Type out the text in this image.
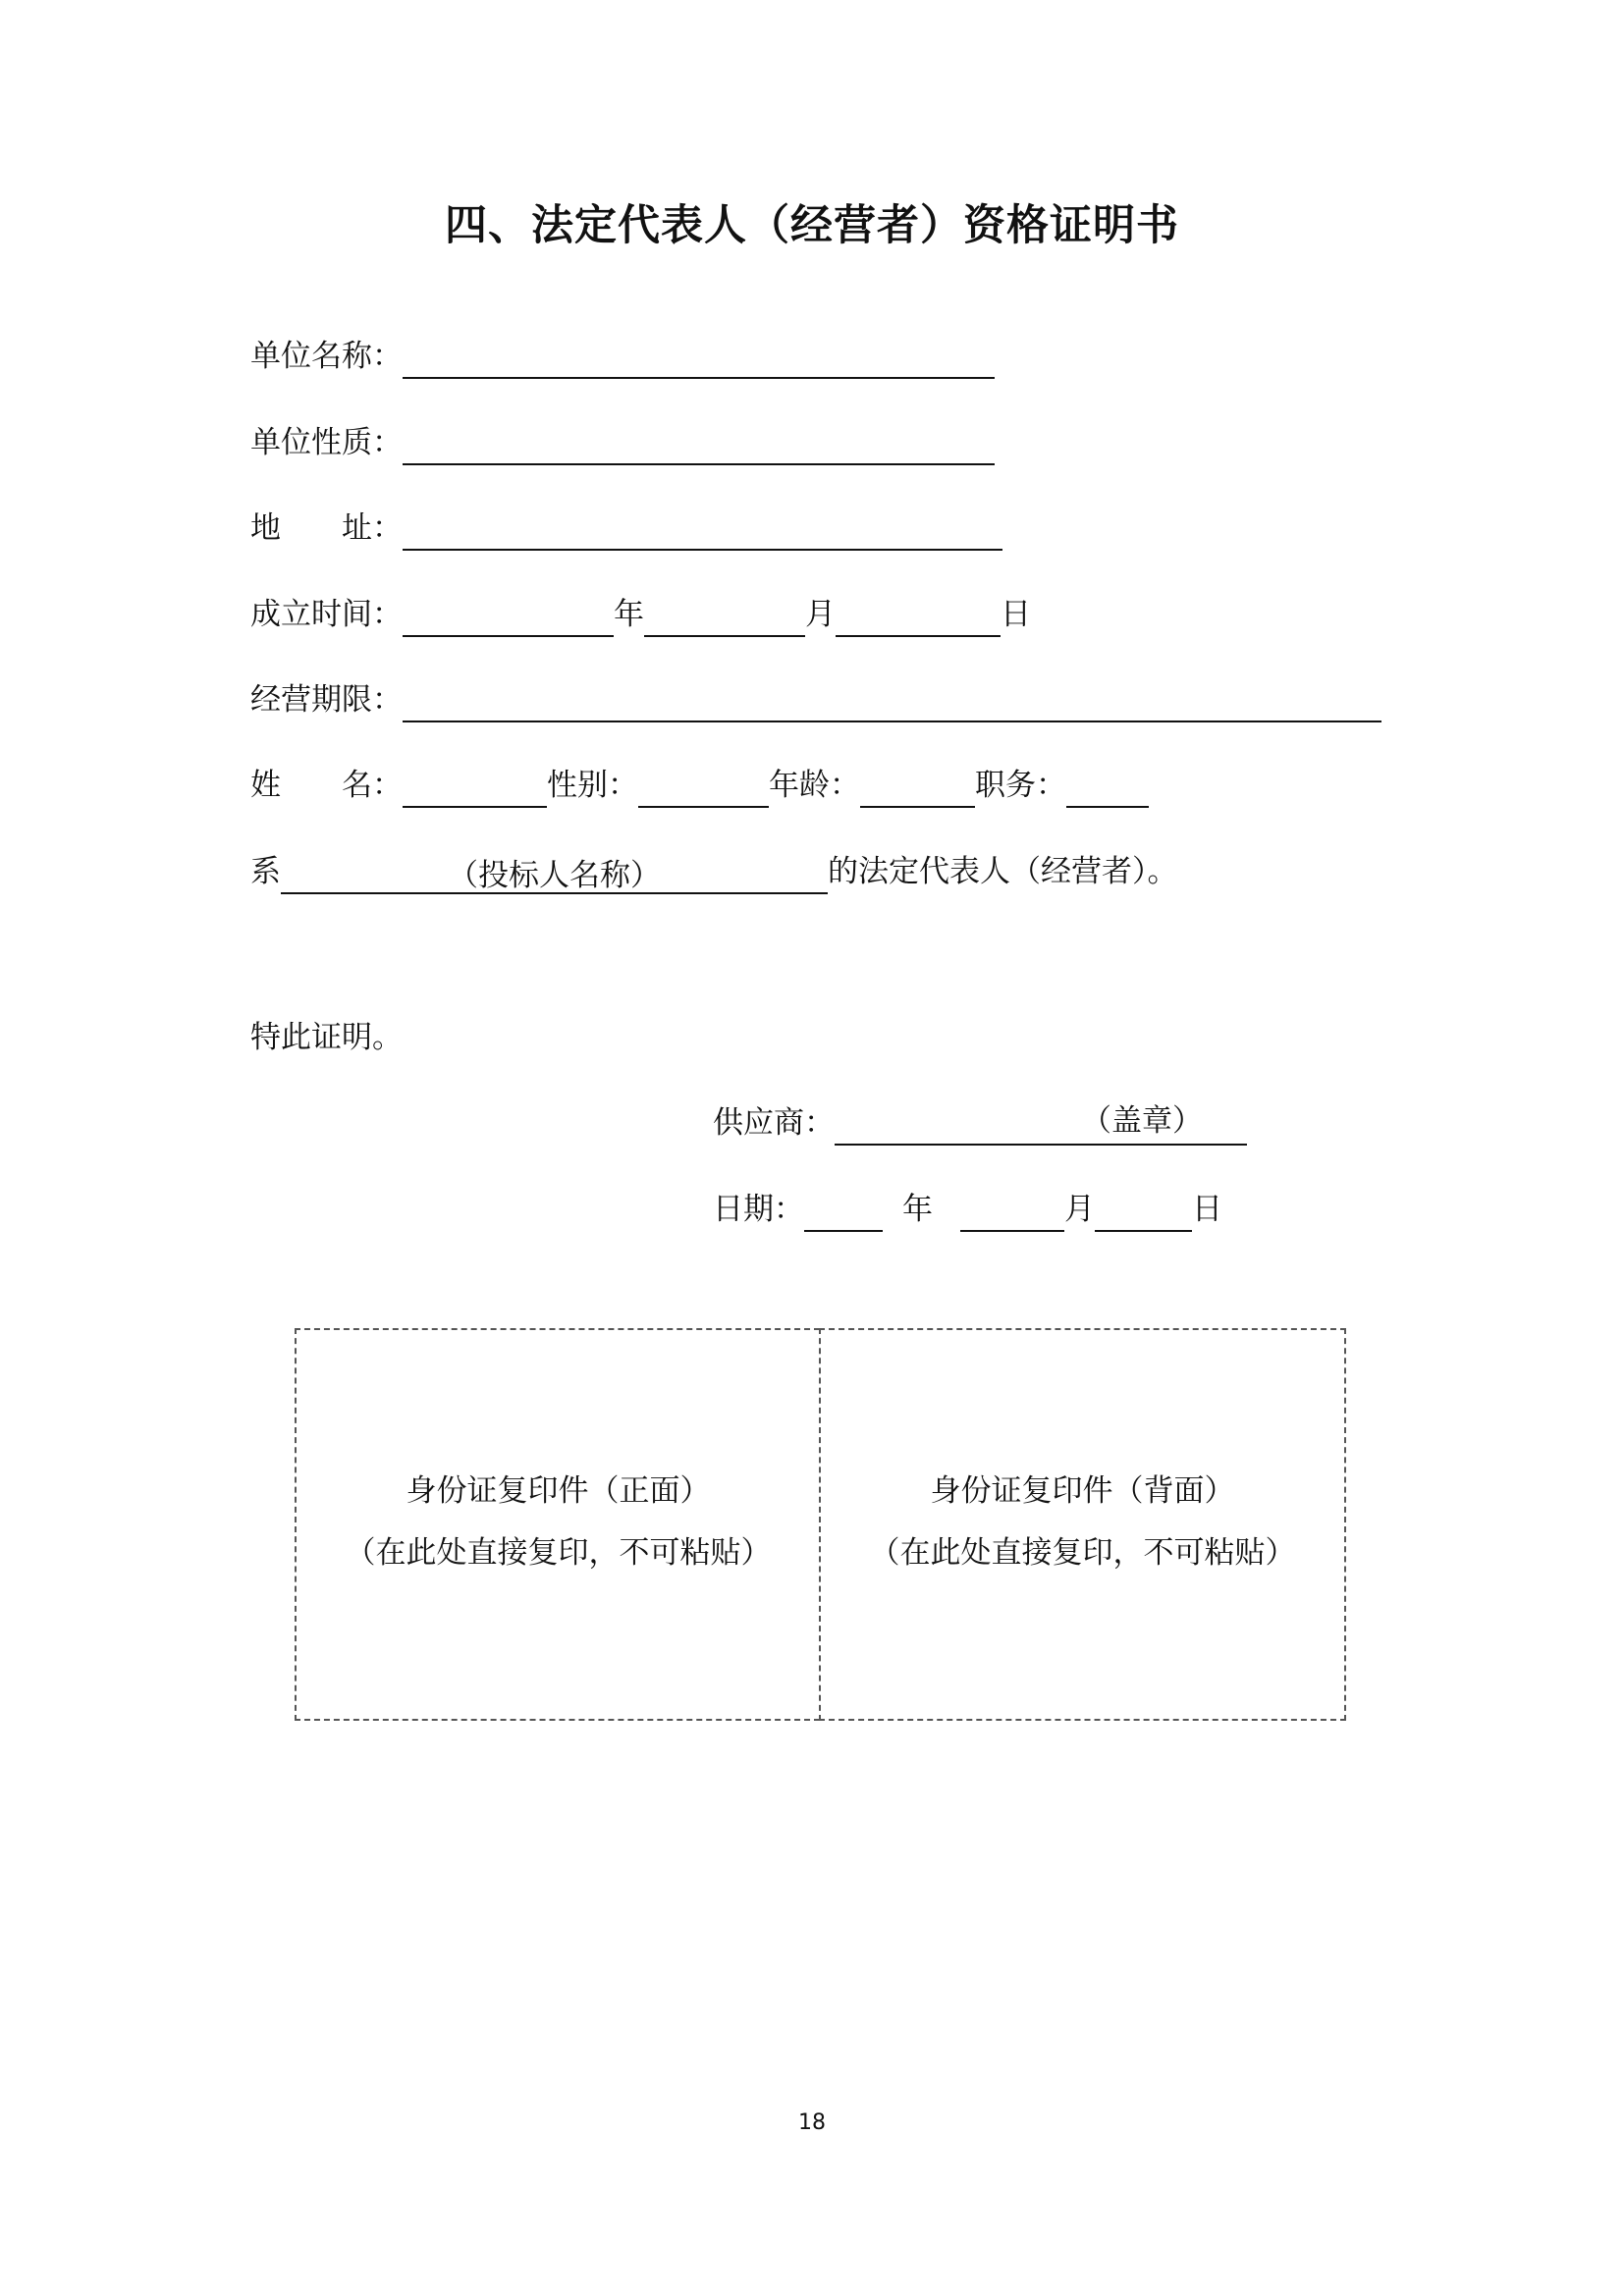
四、法定代表人（经营者）资格证明书
单位名称：
单位性质：
地　　址：
成立时间：	年	月	日
经营期限：
姓　　名：	性别：	年龄：	职务：
系	（投标人名称）	的法定代表人（经营者）。
特此证明。
供应商：	（盖章）
日期：	年	月	日
身份证复印件（正面）
（在此处直接复印，不可粘贴）
身份证复印件（背面）
（在此处直接复印，不可粘贴）
18
